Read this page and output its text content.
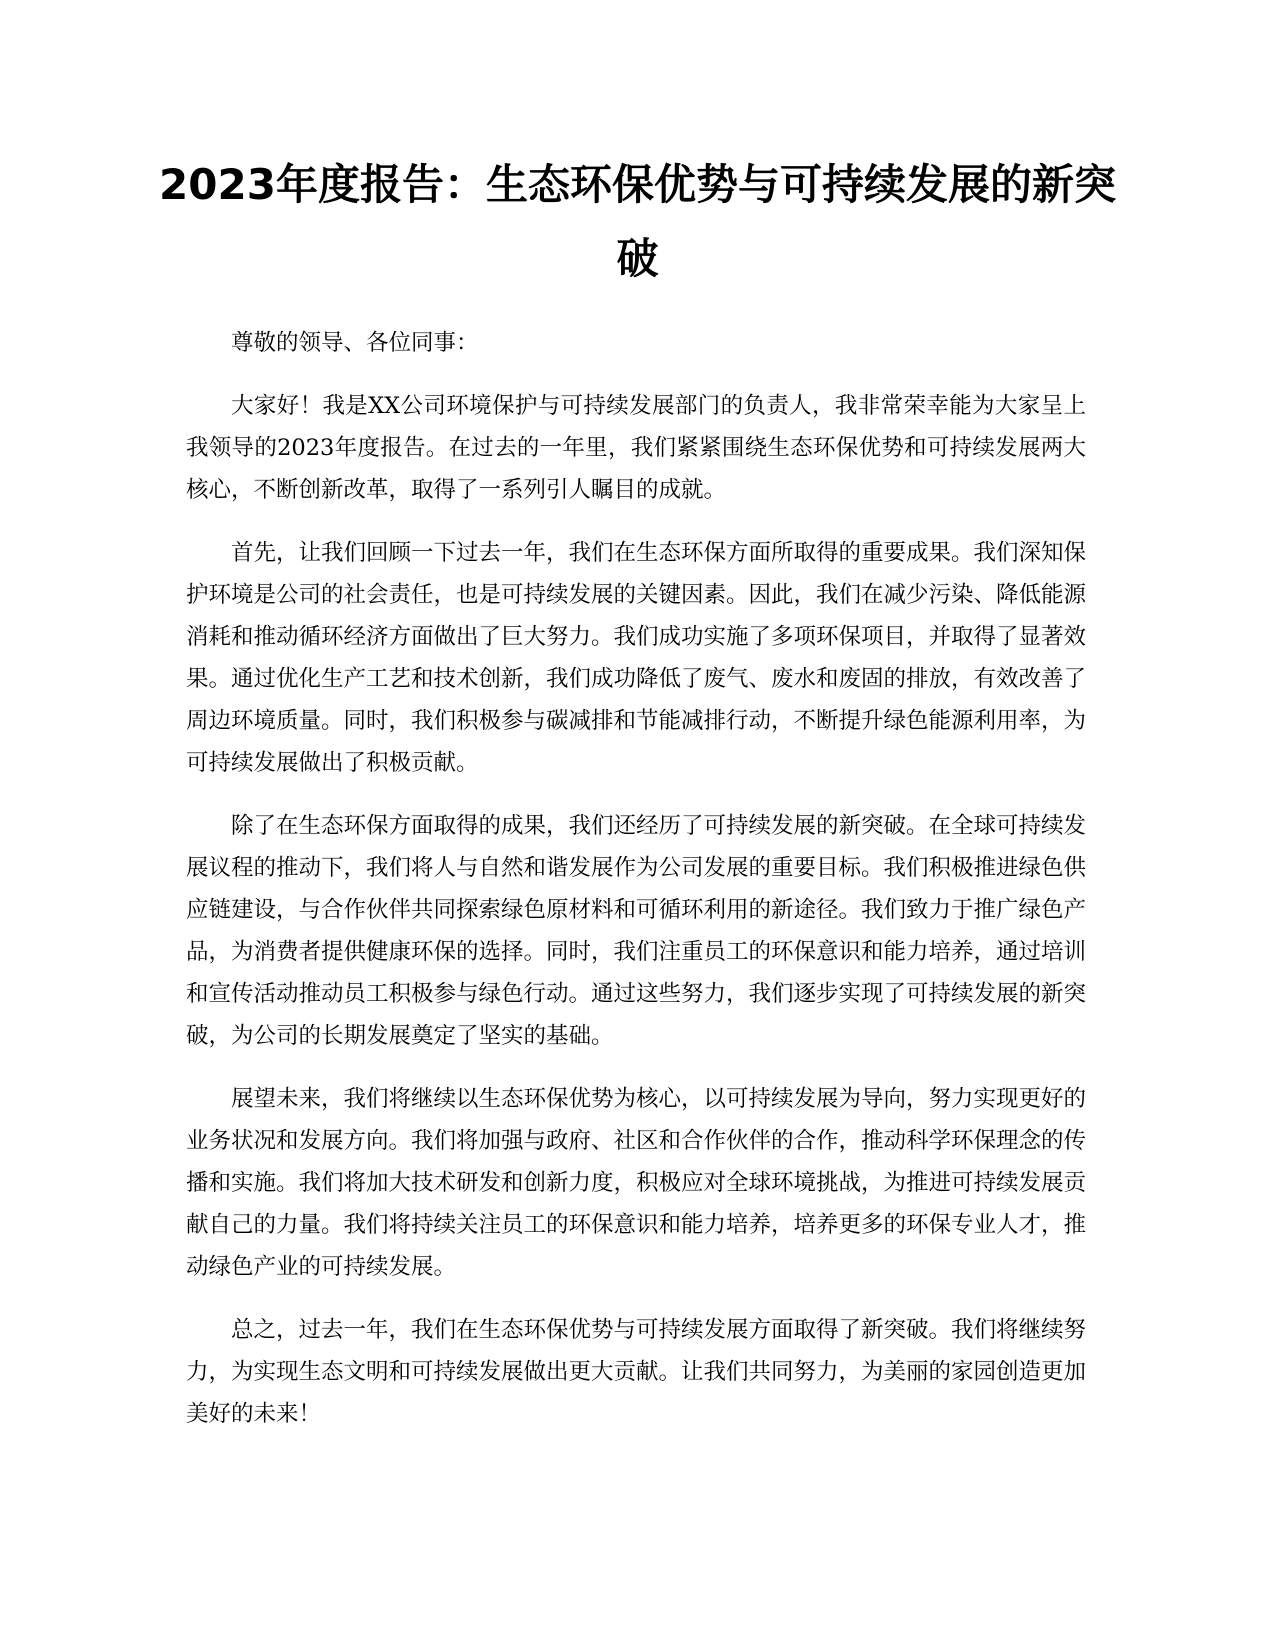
2023年度报告：生态环保优势与可持续发展的新突破

尊敬的领导、各位同事：

大家好！我是XX公司环境保护与可持续发展部门的负责人，我非常荣幸能为大家呈上我领导的2023年度报告。在过去的一年里，我们紧紧围绕生态环保优势和可持续发展两大核心，不断创新改革，取得了一系列引人瞩目的成就。

首先，让我们回顾一下过去一年，我们在生态环保方面所取得的重要成果。我们深知保护环境是公司的社会责任，也是可持续发展的关键因素。因此，我们在减少污染、降低能源消耗和推动循环经济方面做出了巨大努力。我们成功实施了多项环保项目，并取得了显著效果。通过优化生产工艺和技术创新，我们成功降低了废气、废水和废固的排放，有效改善了周边环境质量。同时，我们积极参与碳减排和节能减排行动，不断提升绿色能源利用率，为可持续发展做出了积极贡献。

除了在生态环保方面取得的成果，我们还经历了可持续发展的新突破。在全球可持续发展议程的推动下，我们将人与自然和谐发展作为公司发展的重要目标。我们积极推进绿色供应链建设，与合作伙伴共同探索绿色原材料和可循环利用的新途径。我们致力于推广绿色产品，为消费者提供健康环保的选择。同时，我们注重员工的环保意识和能力培养，通过培训和宣传活动推动员工积极参与绿色行动。通过这些努力，我们逐步实现了可持续发展的新突破，为公司的长期发展奠定了坚实的基础。

展望未来，我们将继续以生态环保优势为核心，以可持续发展为导向，努力实现更好的业务状况和发展方向。我们将加强与政府、社区和合作伙伴的合作，推动科学环保理念的传播和实施。我们将加大技术研发和创新力度，积极应对全球环境挑战，为推进可持续发展贡献自己的力量。我们将持续关注员工的环保意识和能力培养，培养更多的环保专业人才，推动绿色产业的可持续发展。

总之，过去一年，我们在生态环保优势与可持续发展方面取得了新突破。我们将继续努力，为实现生态文明和可持续发展做出更大贡献。让我们共同努力，为美丽的家园创造更加美好的未来！
